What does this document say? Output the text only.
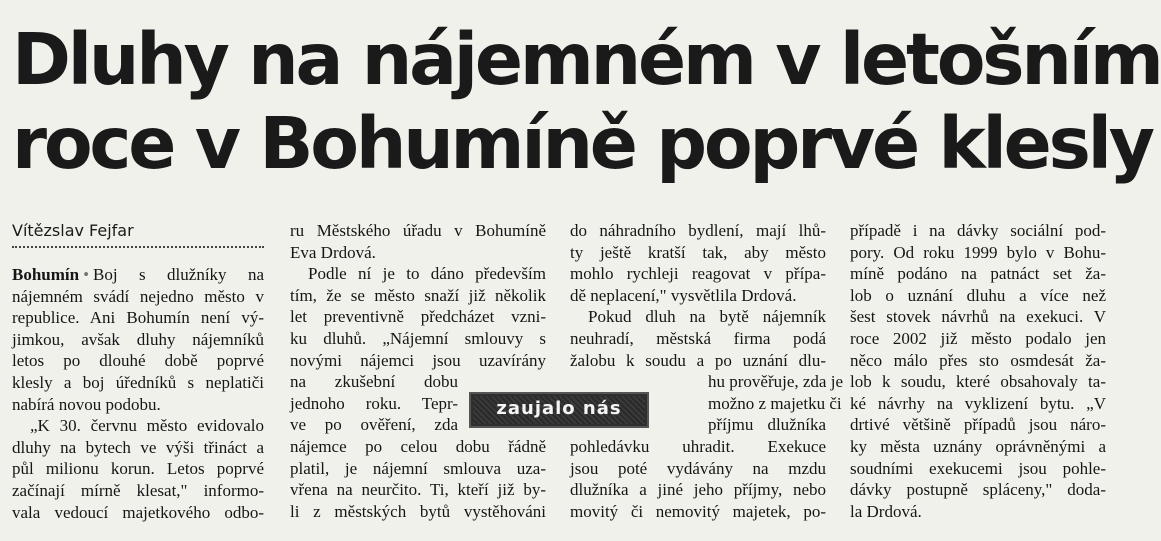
Dluhy na nájemném v letošním
roce v Bohumíně poprvé klesly
Vítězslav Fejfar
Bohumín • Boj s dlužníky na
nájemném svádí nejedno město v
republice. Ani Bohumín není vý-
jimkou, avšak dluhy nájemníků
letos po dlouhé době poprvé
klesly a boj úředníků s neplatiči
nabírá novou podobu.
„K 30. červnu město evidovalo
dluhy na bytech ve výši třináct a
půl milionu korun. Letos poprvé
začínají mírně klesat," informo-
vala vedoucí majetkového odbo-
ru Městského úřadu v Bohumíně
Eva Drdová.
Podle ní je to dáno především
tím, že se město snaží již několik
let preventivně předcházet vzni-
ku dluhů. „Nájemní smlouvy s
novými nájemci jsou uzavírány
na zkušební dobu
jednoho roku. Tepr-
ve po ověření, zda
nájemce po celou dobu řádně
platil, je nájemní smlouva uza-
vřena na neurčito. Ti, kteří již by-
li z městských bytů vystěhováni
do náhradního bydlení, mají lhů-
ty ještě kratší tak, aby město
mohlo rychleji reagovat v přípa-
dě neplacení," vysvětlila Drdová.
Pokud dluh na bytě nájemník
neuhradí, městská firma podá
žalobu k soudu a po uznání dlu-
hu prověřuje, zda je
možno z majetku či
příjmu dlužníka
pohledávku uhradit. Exekuce
jsou poté vydávány na mzdu
dlužníka a jiné jeho příjmy, nebo
movitý či nemovitý majetek, po-
případě i na dávky sociální pod-
pory. Od roku 1999 bylo v Bohu-
míně podáno na patnáct set ža-
lob o uznání dluhu a více než
šest stovek návrhů na exekuci. V
roce 2002 již město podalo jen
něco málo přes sto osmdesát ža-
lob k soudu, které obsahovaly ta-
ké návrhy na vyklizení bytu. „V
drtivé většině případů jsou náro-
ky města uznány oprávněnými a
soudními exekucemi jsou pohle-
dávky postupně spláceny," doda-
la Drdová.
zaujalo nás
